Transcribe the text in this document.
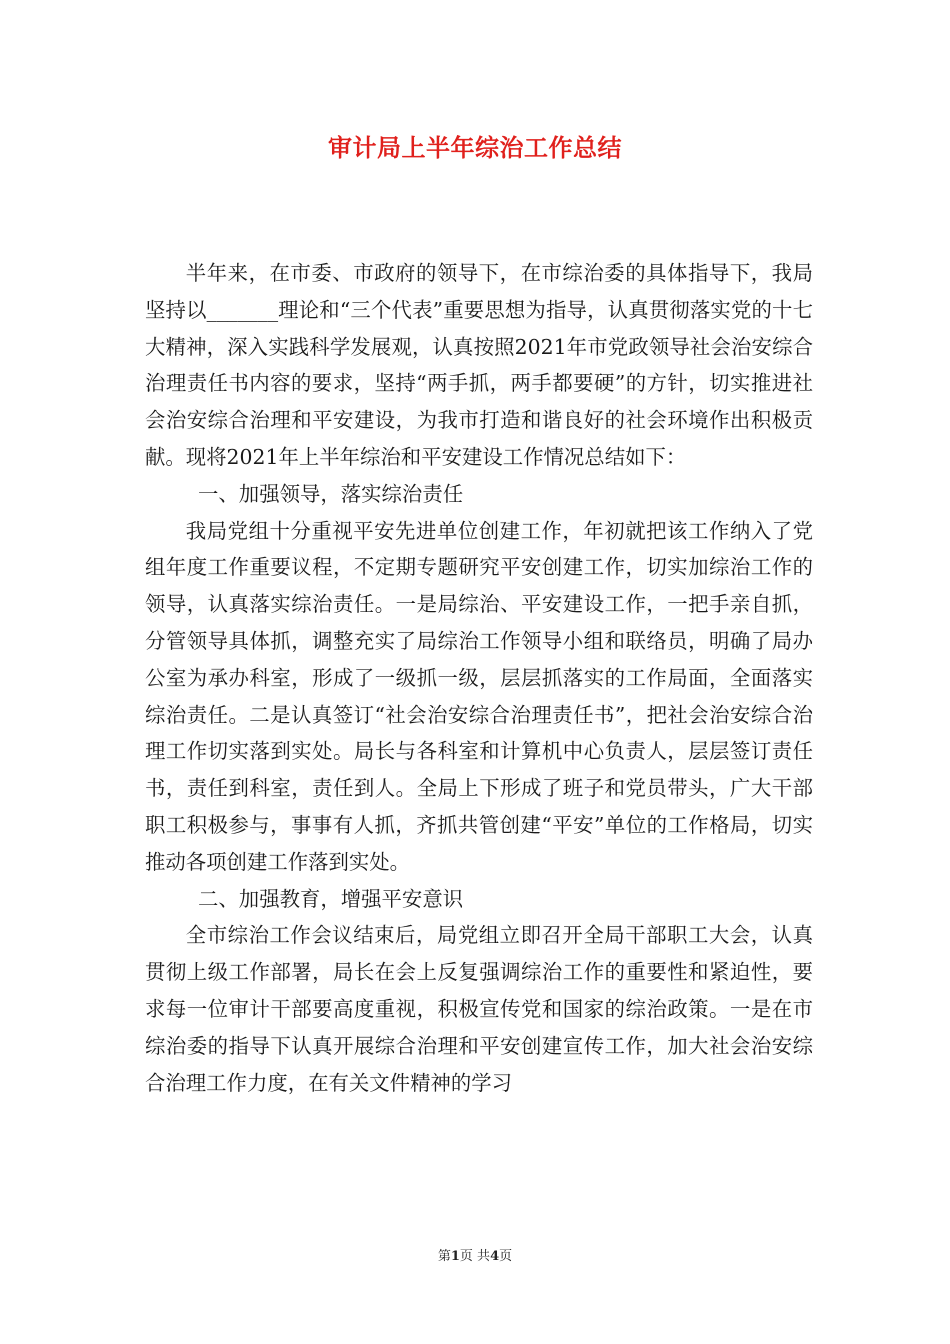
审计局上半年综治工作总结

半年来，在市委、市政府的领导下，在市综治委的具体指导下，我局坚持以_______理论和“三个代表”重要思想为指导，认真贯彻落实党的十七大精神，深入实践科学发展观，认真按照2021年市党政领导社会治安综合治理责任书内容的要求，坚持“两手抓，两手都要硬”的方针，切实推进社会治安综合治理和平安建设，为我市打造和谐良好的社会环境作出积极贡献。现将2021年上半年综治和平安建设工作情况总结如下：

一、加强领导，落实综治责任

我局党组十分重视平安先进单位创建工作，年初就把该工作纳入了党组年度工作重要议程，不定期专题研究平安创建工作，切实加综治工作的领导，认真落实综治责任。一是局综治、平安建设工作，一把手亲自抓，分管领导具体抓，调整充实了局综治工作领导小组和联络员，明确了局办公室为承办科室，形成了一级抓一级，层层抓落实的工作局面，全面落实综治责任。二是认真签订“社会治安综合治理责任书”，把社会治安综合治理工作切实落到实处。局长与各科室和计算机中心负责人，层层签订责任书，责任到科室，责任到人。全局上下形成了班子和党员带头，广大干部职工积极参与，事事有人抓，齐抓共管创建“平安”单位的工作格局，切实推动各项创建工作落到实处。

二、加强教育，增强平安意识

全市综治工作会议结束后，局党组立即召开全局干部职工大会，认真贯彻上级工作部署，局长在会上反复强调综治工作的重要性和紧迫性，要求每一位审计干部要高度重视，积极宣传党和国家的综治政策。一是在市综治委的指导下认真开展综合治理和平安创建宣传工作，加大社会治安综合治理工作力度，在有关文件精神的学习

第1页 共4页
